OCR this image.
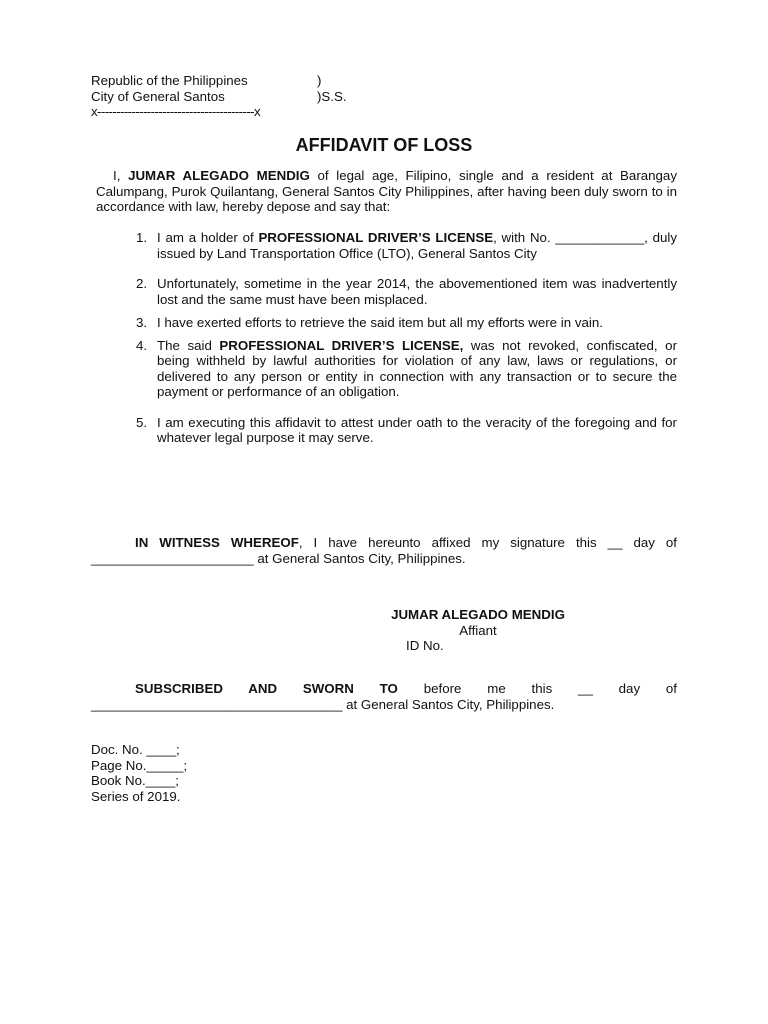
Republic of the Philippines	)
City of General Santos	)S.S.
x-----------------------------------------x
AFFIDAVIT OF LOSS
I, JUMAR ALEGADO MENDIG of legal age, Filipino, single and a resident at Barangay Calumpang, Purok Quilantang, General Santos City Philippines, after having been duly sworn to in accordance with law, hereby depose and say that:
1. I am a holder of PROFESSIONAL DRIVER’S LICENSE, with No. ____________, duly issued by Land Transportation Office (LTO), General Santos City
2. Unfortunately, sometime in the year 2014, the abovementioned item was inadvertently lost and the same must have been misplaced.
3. I have exerted efforts to retrieve the said item but all my efforts were in vain.
4. The said PROFESSIONAL DRIVER’S LICENSE, was not revoked, confiscated, or being withheld by lawful authorities for violation of any law, laws or regulations, or delivered to any person or entity in connection with any transaction or to secure the payment or performance of an obligation.
5. I am executing this affidavit to attest under oath to the veracity of the foregoing and for whatever legal purpose it may serve.
IN WITNESS WHEREOF, I have hereunto affixed my signature this __ day of ______________________ at General Santos City, Philippines.
JUMAR ALEGADO MENDIG
Affiant
ID No.
SUBSCRIBED AND SWORN TO before me this __ day of __________________________________ at General Santos City, Philippines.
Doc. No. ____;
Page No._____;
Book No.____;
Series of 2019.
